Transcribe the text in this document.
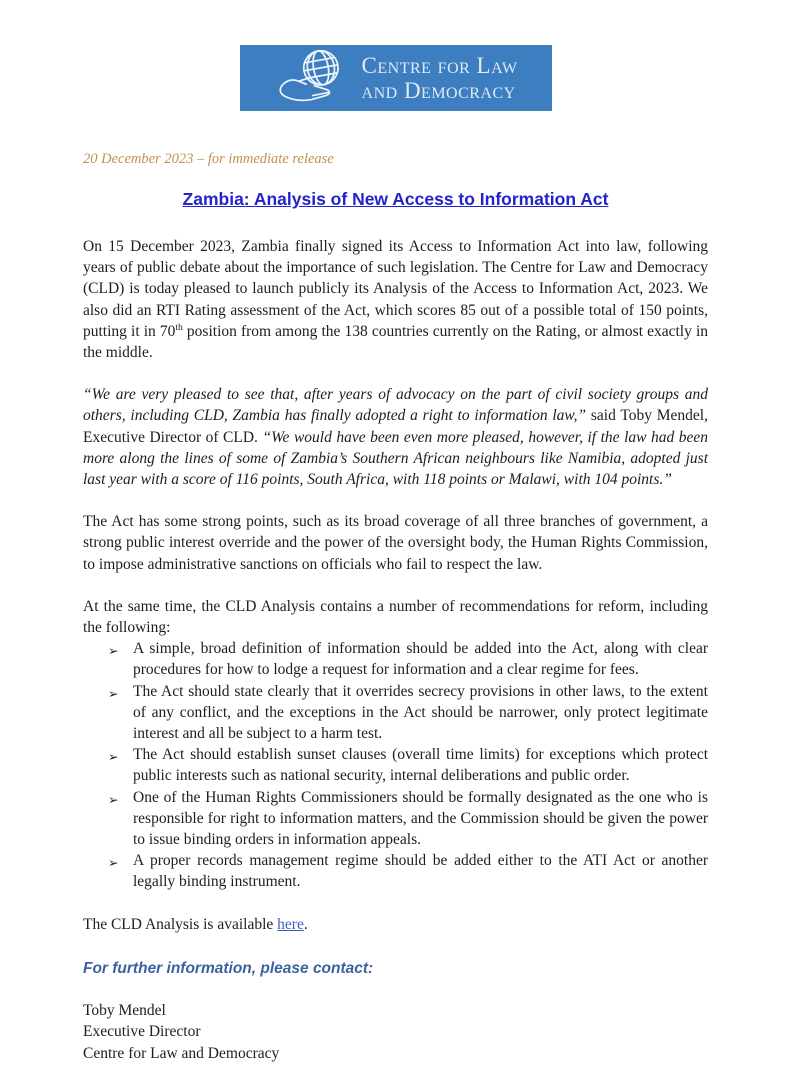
Centre for Law
and Democracy
20 December 2023 – for immediate release
Zambia: Analysis of New Access to Information Act

On 15 December 2023, Zambia finally signed its Access to Information Act into law, following years of public debate about the importance of such legislation. The Centre for Law and Democracy (CLD) is today pleased to launch publicly its Analysis of the Access to Information Act, 2023. We also did an RTI Rating assessment of the Act, which scores 85 out of a possible total of 150 points, putting it in 70th position from among the 138 countries currently on the Rating, or almost exactly in the middle.

“We are very pleased to see that, after years of advocacy on the part of civil society groups and others, including CLD, Zambia has finally adopted a right to information law,” said Toby Mendel, Executive Director of CLD. “We would have been even more pleased, however, if the law had been more along the lines of some of Zambia’s Southern African neighbours like Namibia, adopted just last year with a score of 116 points, South Africa, with 118 points or Malawi, with 104 points.”

The Act has some strong points, such as its broad coverage of all three branches of government, a strong public interest override and the power of the oversight body, the Human Rights Commission, to impose administrative sanctions on officials who fail to respect the law.

At the same time, the CLD Analysis contains a number of recommendations for reform, including the following:

➢ A simple, broad definition of information should be added into the Act, along with clear procedures for how to lodge a request for information and a clear regime for fees.
➢ The Act should state clearly that it overrides secrecy provisions in other laws, to the extent of any conflict, and the exceptions in the Act should be narrower, only protect legitimate interest and all be subject to a harm test.
➢ The Act should establish sunset clauses (overall time limits) for exceptions which protect public interests such as national security, internal deliberations and public order.
➢ One of the Human Rights Commissioners should be formally designated as the one who is responsible for right to information matters, and the Commission should be given the power to issue binding orders in information appeals.
➢ A proper records management regime should be added either to the ATI Act or another legally binding instrument.

The CLD Analysis is available here.

For further information, please contact:

Toby Mendel
Executive Director
Centre for Law and Democracy
